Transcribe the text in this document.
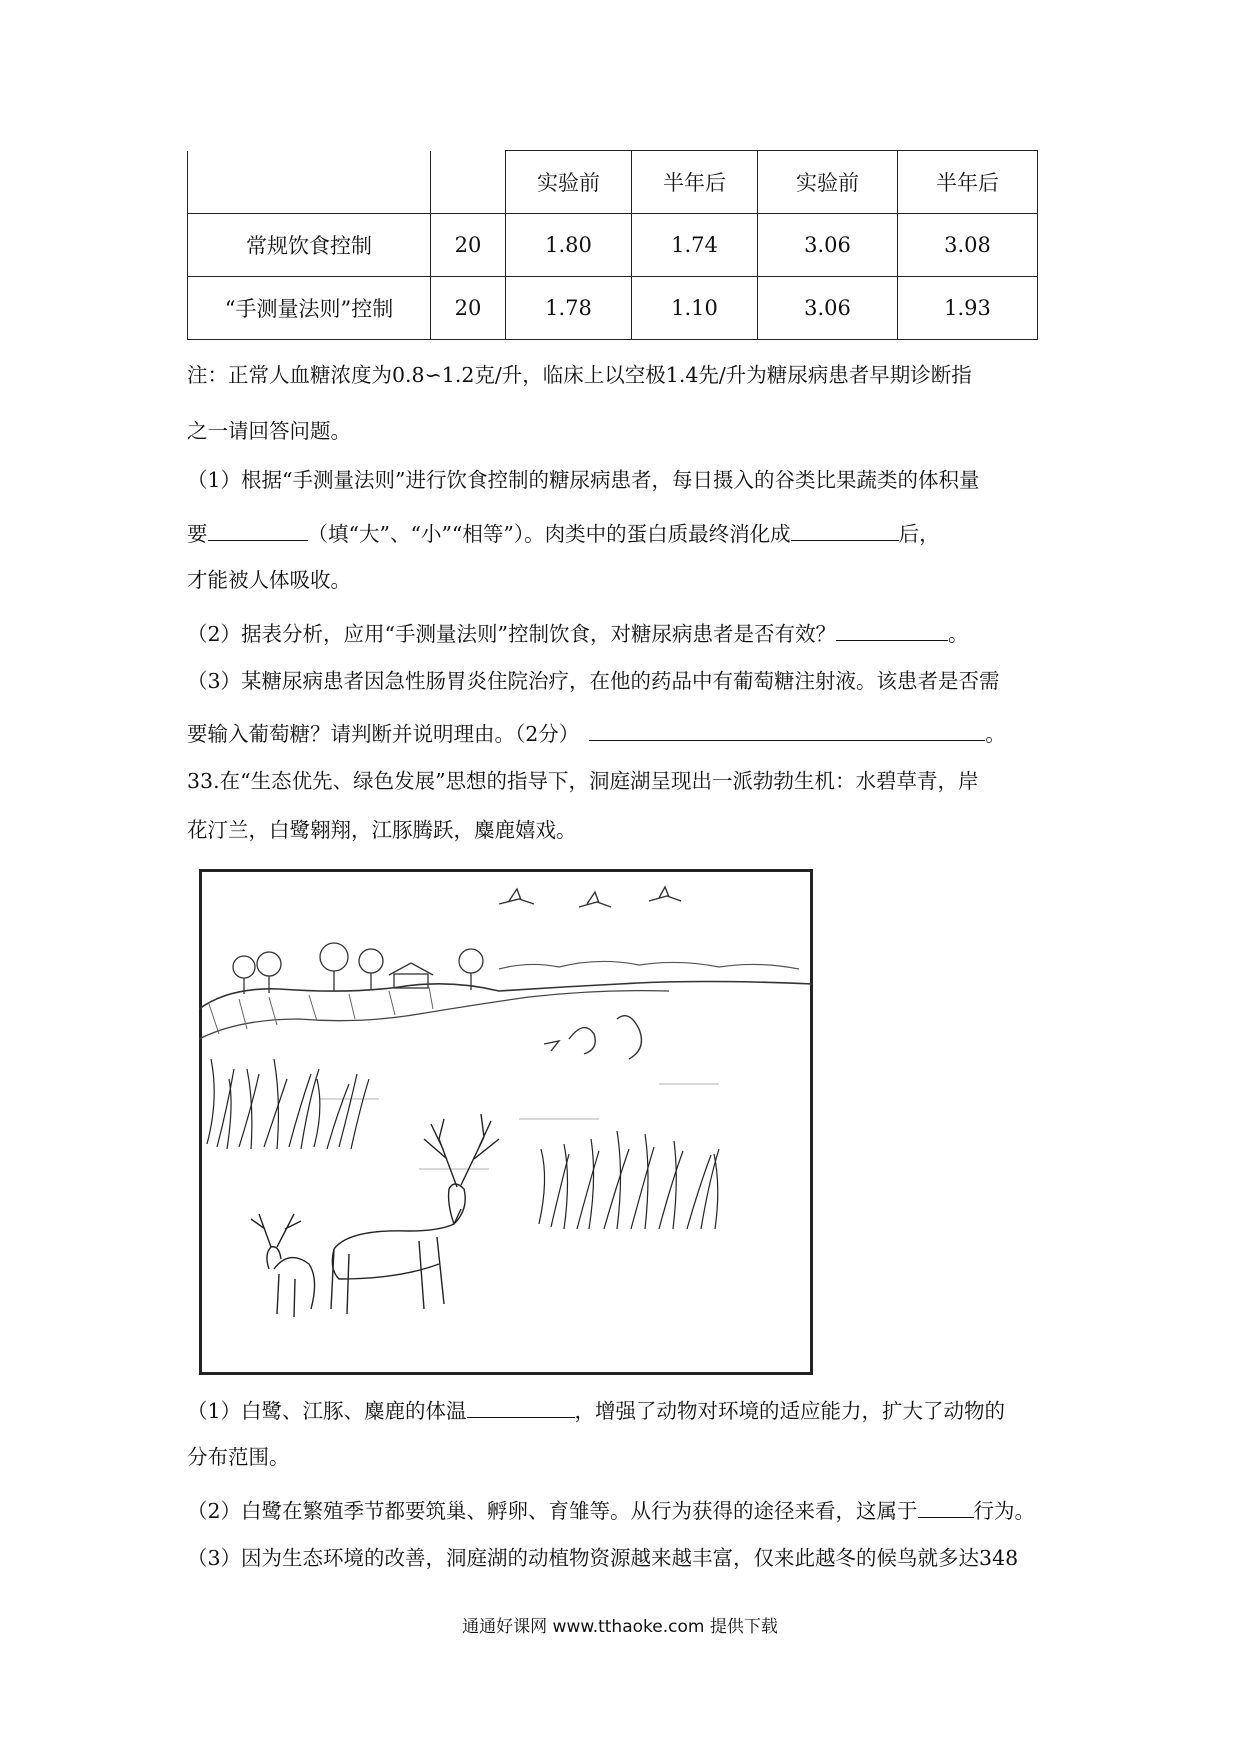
		实验前	半年后	实验前	半年后
常规饮食控制	20	1.80	1.74	3.06	3.08
“手测量法则”控制	20	1.78	1.10	3.06	1.93
注：正常人血糖浓度为0.8∽1.2克/升，临床上以空极1.4先/升为糖尿病患者早期诊断指
之一请回答问题。
（1）根据“手测量法则”进行饮食控制的糖尿病患者，每日摄入的谷类比果蔬类的体积量
要	（填“大”、“小”“相等”）。肉类中的蛋白质最终消化成	后，
才能被人体吸收。
（2）据表分析，应用“手测量法则”控制饮食，对糖尿病患者是否有效？	。
（3）某糖尿病患者因急性肠胃炎住院治疗，在他的药品中有葡萄糖注射液。该患者是否需
要输入葡萄糖？请判断并说明理由。（2分）	。
33.在“生态优先、绿色发展”思想的指导下，洞庭湖呈现出一派勃勃生机：水碧草青，岸
花汀兰，白鹭翱翔，江豚腾跃，麋鹿嬉戏。
（1）白鹭、江豚、麋鹿的体温	，增强了动物对环境的适应能力，扩大了动物的
分布范围。
（2）白鹭在繁殖季节都要筑巢、孵卵、育雏等。从行为获得的途径来看，这属于	行为。
（3）因为生态环境的改善，洞庭湖的动植物资源越来越丰富，仅来此越冬的候鸟就多达348
通通好课网 www.tthaoke.com 提供下载
